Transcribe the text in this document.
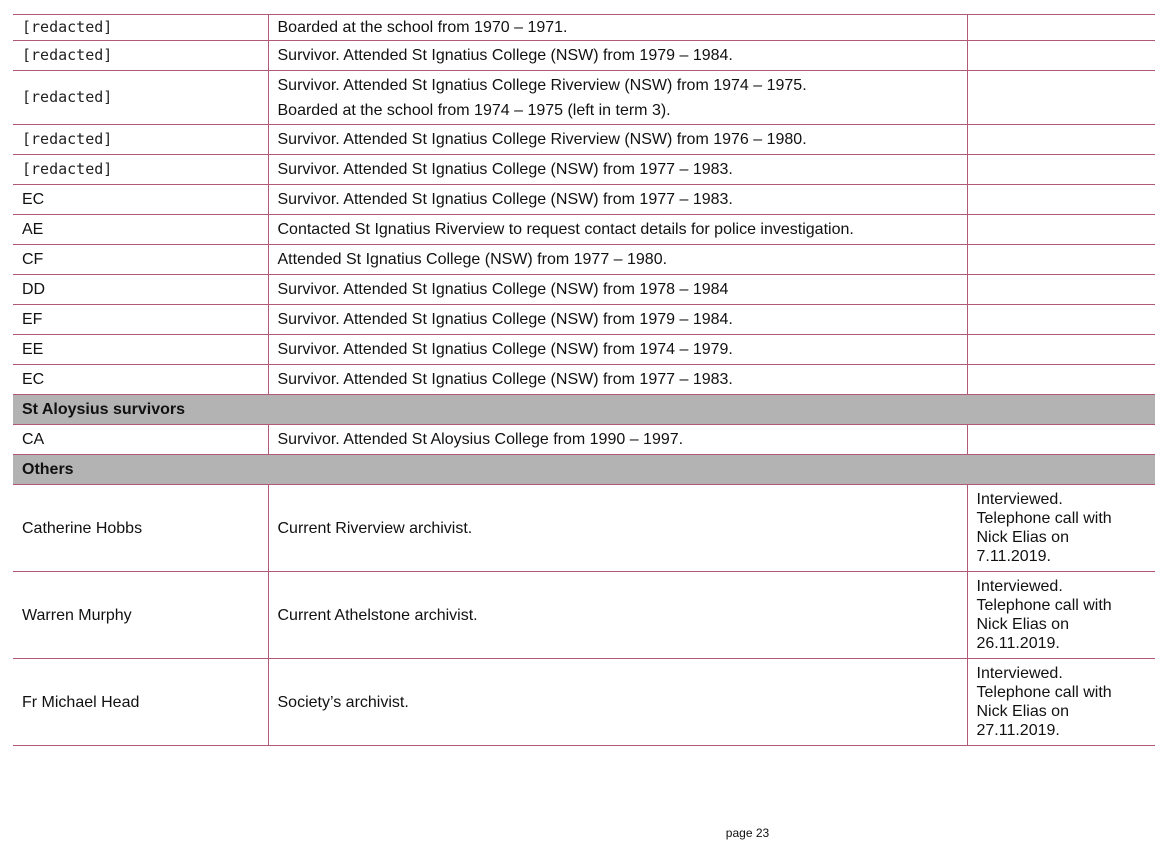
[redacted]	Boarded at the school from 1970 – 1971.	
[redacted]	Survivor. Attended St Ignatius College (NSW) from 1979 – 1984.	
[redacted]	Survivor. Attended St Ignatius College Riverview (NSW) from 1974 – 1975.
Boarded at the school from 1974 – 1975 (left in term 3).	

[redacted]	Survivor. Attended St Ignatius College Riverview (NSW) from 1976 – 1980.	
[redacted]	Survivor. Attended St Ignatius College (NSW) from 1977 – 1983.	
EC	Survivor. Attended St Ignatius College (NSW) from 1977 – 1983.	
AE	Contacted St Ignatius Riverview to request contact details for police investigation.	
CF	Attended St Ignatius College (NSW) from 1977 – 1980.	
DD	Survivor. Attended St Ignatius College (NSW) from 1978 – 1984	
EF	Survivor. Attended St Ignatius College (NSW) from 1979 – 1984.	
EE	Survivor. Attended St Ignatius College (NSW) from 1974 – 1979.	
EC	Survivor. Attended St Ignatius College (NSW) from 1977 – 1983.	
St Aloysius survivors		
CA	Survivor. Attended St Aloysius College from 1990 – 1997.	
Others		
Catherine Hobbs	Current Riverview archivist.	Interviewed.
Telephone call with
Nick Elias on
7.11.2019.

Warren Murphy	Current Athelstone archivist.	Interviewed.
Telephone call with
Nick Elias on
26.11.2019.

Fr Michael Head	Society’s archivist.	Interviewed.
Telephone call with
Nick Elias on
27.11.2019.
page 23
